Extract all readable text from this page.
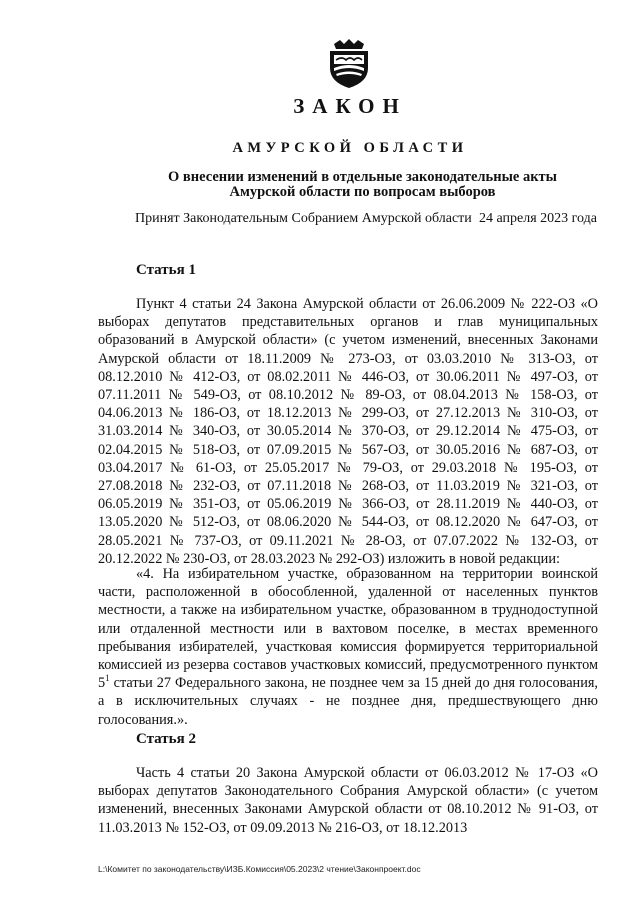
ЗАКОН
АМУРСКОЙ ОБЛАСТИ
О внесении изменений в отдельные законодательные акты
Амурской области по вопросам выборов
Принят Законодательным Собранием Амурской области 24 апреля 2023 года
Статья 1

Пункт 4 статьи 24 Закона Амурской области от 26.06.2009 № 222-ОЗ «О выборах депутатов представительных органов и глав муниципальных образований в Амурской области» (с учетом изменений, внесенных Законами Амурской области от 18.11.2009 № 273-ОЗ, от 03.03.2010 № 313-ОЗ, от 08.12.2010 № 412-ОЗ, от 08.02.2011 № 446-ОЗ, от 30.06.2011 № 497-ОЗ, от 07.11.2011 № 549-ОЗ, от 08.10.2012 № 89-ОЗ, от 08.04.2013 № 158-ОЗ, от 04.06.2013 № 186-ОЗ, от 18.12.2013 № 299-ОЗ, от 27.12.2013 № 310-ОЗ, от 31.03.2014 № 340-ОЗ, от 30.05.2014 № 370-ОЗ, от 29.12.2014 № 475-ОЗ, от 02.04.2015 № 518-ОЗ, от 07.09.2015 № 567-ОЗ, от 30.05.2016 № 687-ОЗ, от 03.04.2017 № 61-ОЗ, от 25.05.2017 № 79-ОЗ, от 29.03.2018 № 195-ОЗ, от 27.08.2018 № 232-ОЗ, от 07.11.2018 № 268-ОЗ, от 11.03.2019 № 321-ОЗ, от 06.05.2019 № 351-ОЗ, от 05.06.2019 № 366-ОЗ, от 28.11.2019 № 440-ОЗ, от 13.05.2020 № 512-ОЗ, от 08.06.2020 № 544-ОЗ, от 08.12.2020 № 647-ОЗ, от 28.05.2021 № 737-ОЗ, от 09.11.2021 № 28-ОЗ, от 07.07.2022 № 132-ОЗ, от 20.12.2022 № 230-ОЗ, от 28.03.2023 № 292-ОЗ) изложить в новой редакции:

«4. На избирательном участке, образованном на территории воинской части, расположенной в обособленной, удаленной от населенных пунктов местности, а также на избирательном участке, образованном в труднодоступной или отдаленной местности или в вахтовом поселке, в местах временного пребывания избирателей, участковая комиссия формируется территориальной комиссией из резерва составов участковых комиссий, предусмотренного пунктом $5^1$ статьи 27 Федерального закона, не позднее чем за 15 дней до дня голосования, а в исключительных случаях - не позднее дня, предшествующего дню голосования.».

Статья 2

Часть 4 статьи 20 Закона Амурской области от 06.03.2012 № 17-ОЗ «О выборах депутатов Законодательного Собрания Амурской области» (с учетом изменений, внесенных Законами Амурской области от 08.10.2012 № 91-ОЗ, от 11.03.2013 № 152-ОЗ, от 09.09.2013 № 216-ОЗ, от 18.12.2013

L:\Комитет по законодательству\ИЗБ.Комиссия\05.2023\2 чтение\Законпроект.doc
